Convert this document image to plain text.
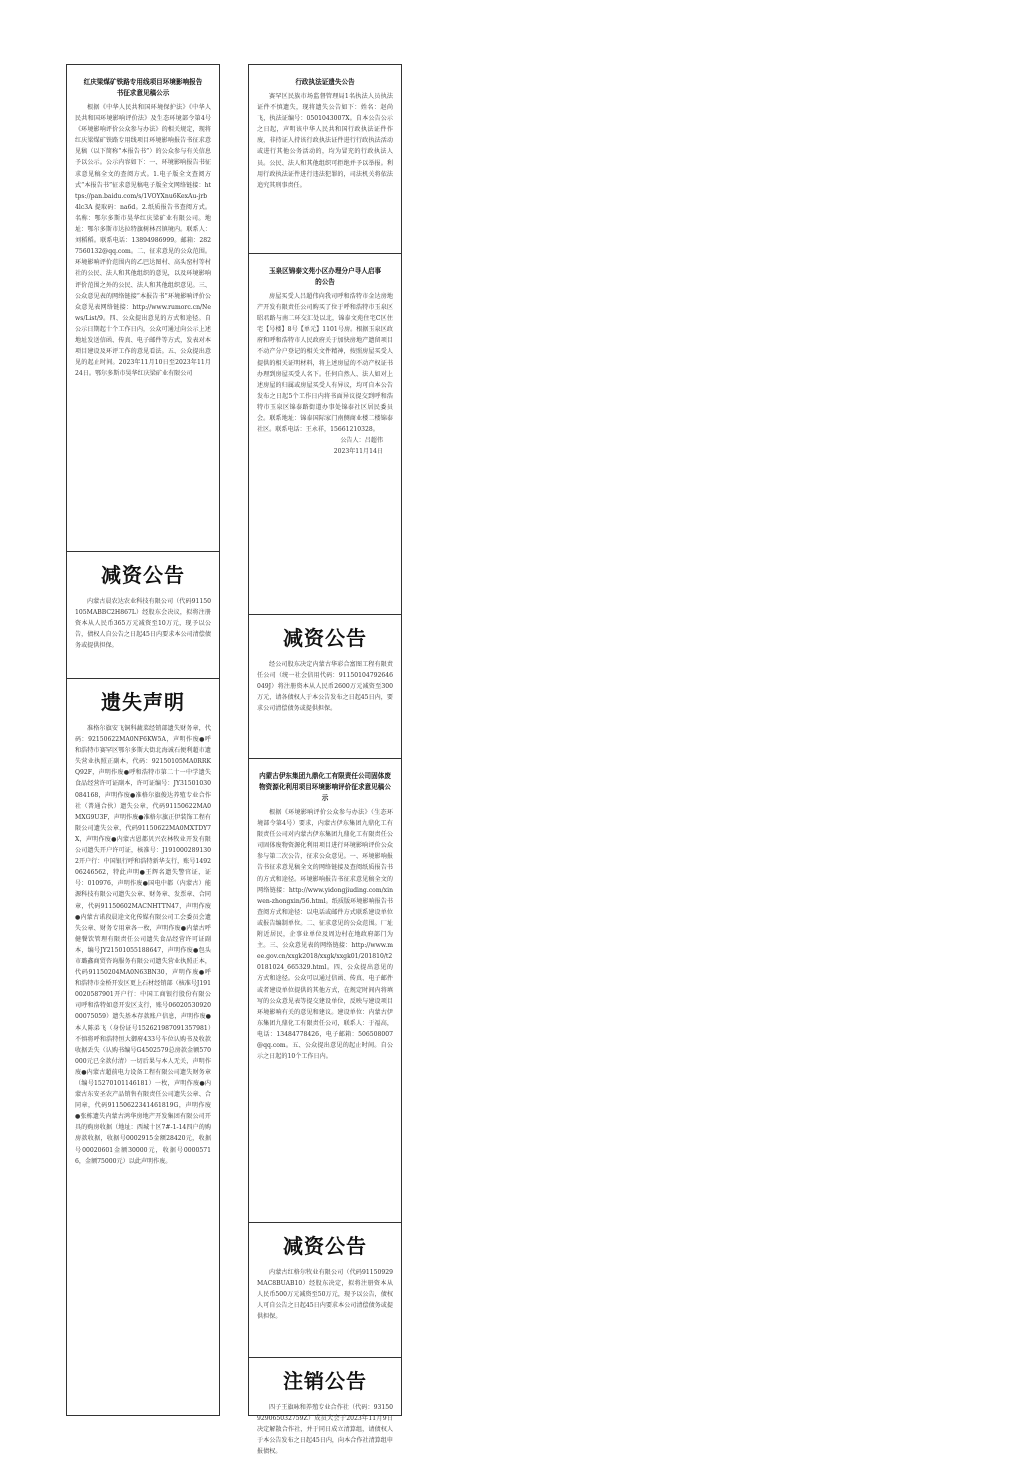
红庆梁煤矿铁路专用线项目环境影响报告书征求意见稿公示

根据《中华人民共和国环境保护法》《中华人民共和国环境影响评价法》及生态环境部令第4号《环境影响评价公众参与办法》的相关规定，现将红庆梁煤矿铁路专用线项目环境影响报告书征求意见稿（以下简称“本报告书”）的公众参与有关信息予以公示。公示内容如下：一、环境影响报告书征求意见稿全文的查阅方式。1.电子版全文查阅方式“本报告书”征求意见稿电子版全文网络链接：https://pan.baidu.com/s/1VOYXnu6KexAu-jrb4lc3A 提取码：na6d。2.纸质报告书查阅方式。名称：鄂尔多斯市昊华红庆梁矿业有限公司。地址：鄂尔多斯市达拉特旗树林召镇境内。联系人：刘稻稻。联系电话：13894986999。邮箱：2827560132@qq.com。二、征求意见的公众范围。环境影响评价范围内的乙巴达图村、高头窑村等村社的公民、法人和其他组织的意见，以及环境影响评价范围之外的公民、法人和其他组织意见。三、公众意见表的网络链接“本报告书”环境影响评价公众意见表网络链接：http://www.rumorc.cn/News/List/9。四、公众提出意见的方式和途径。自公示日期起十个工作日内，公众可通过向公示上述地址发送信函、传真、电子邮件等方式，发表对本项目建设及环评工作的意见看法。五、公众提出意见的起止时间。2023年11月10日至2023年11月24日。鄂尔多斯市昊华红庆梁矿业有限公司

减资公告

内蒙古晨农达农业科技有限公司（代码91150105MABBC2H867L）经股东会决议，拟将注册资本从人民币365万元减资至10万元，现予以公告，债权人自公告之日起45日内要求本公司清偿债务或提供担保。

遗失声明

准格尔旗安飞铜科蔬菜经销部遗失财务章，代码：92150622MA0NF6KW5A，声明作废●呼和浩特市赛罕区鄂尔多斯大街北海诚石便利超市遗失营业执照正副本，代码：92150105MA0RRKQ92F，声明作废●呼和浩特市第二十一中学遗失食品经营许可证副本，许可证编号：JY31501030084168，声明作废●准格尔旗俊达养殖专业合作社（普通合伙）遗失公章，代码91150622MA0MXG9U3F，声明作废●准格尔旗正伊装饰工程有限公司遗失公章，代码91150622MA0MXTDY7X，声明作废●内蒙古恩都贝兴农林牧业开发有限公司遗失开户许可证，核准号：J1910002891302开户行：中国银行呼和浩特新华支行，账号149206246562，特此声明●王辉名遗失警官证，证号：010976，声明作废●国电中都（内蒙古）能源科技有限公司遗失公章、财务章、发票章、合同章，代码91150602MACNHTTN47，声明作废●内蒙古诺段晨途文化传媒有限公司工会委员会遗失公章、财务专用章各一枚，声明作废●内蒙古呼健餐饮管理有限责任公司遗失食品经营许可证副本，编号JY21501055188647，声明作废●包头市璐鑫商贸咨询服务有限公司遗失营业执照正本，代码91150204MA0N63BN30，声明作废●呼和浩特市金桥开发区更上石材经销部（核准号J1910020587901开户行：中国工商银行股份有限公司呼和浩特如意开发区支行，账号0602053092000075059）遗失基本存款账户信息，声明作废●本人陈弟飞（身份证号152621987091357981）不慎将呼和浩特恒大御府433号车位认购书及收款收据丢失（认购书编号G4502579总房款金额570000元已全款付清）一切后果与本人无关，声明作废●内蒙古超前电力设备工程有限公司遗失财务章（编号15270101146181）一枚，声明作废●内蒙古东安圣农产品销售有限责任公司遗失公章、合同章，代码91150622341461819G，声明作废●张栋遗失内蒙古鸿华房地产开发集团有限公司开具的购房收据（地址：西城十区7#-1-14四户的购房款收据，收据号0002915金额28420元，收据号00020601金额30000元，收据号00005716，金额75000元）以此声明作废。

行政执法证遗失公告

赛罕区民族市场监督管理局1名执法人员执法证件不慎遗失，现将遗失公告如下：姓名：赵尚飞，执法证编号：0501043007X。自本公告公示之日起，声明该中华人民共和国行政执法证件作废，非持证人持该行政执法证件进行行政执法活动或进行其他公务活动的，均为冒充的行政执法人员。公民、法人和其他组织可拒绝并予以举报。利用行政执法证件进行违法犯罪的，司法机关将依法追究其刑事责任。

玉泉区锦泰文苑小区办理分户寻人启事的公告

房屋买受人吕超伟向我司呼和浩特市金达房地产开发有限责任公司购买了位于呼和浩特市玉泉区昭君路与南二环交汇处以北，锦泰文苑住宅C区住宅【号楼】8号【单元】1101号房。根据玉泉区政府和呼和浩特市人民政府关于加快房地产遗留项目不动产分户登记的相关文件精神，按照房屋买受人提供的相关证明材料，将上述房屋的不动产权证书办理到房屋买受人名下。任何自然人、法人如对上述房屋的归属或房屋买受人有异议，均可自本公告发布之日起5个工作日内将书面异议提交到呼和浩特市玉泉区锦泰路街道办事处锦泰社区居民委员会。联系地址：锦泰国际家门南侧商业楼二楼锦泰社区。联系电话：王永祥，15661210328。

公告人：吕超伟

2023年11月14日

减资公告

经公司股东决定内蒙古华彩合富图工程有限责任公司（统一社会信用代码：91150104792646049J）将注册资本从人民币2600万元减资至300万元，请各债权人于本公告发布之日起45日内，要求公司清偿债务或提供担保。

内蒙古伊东集团九鼎化工有限责任公司固体废物资源化利用项目环境影响评价征求意见稿公示

根据《环境影响评价公众参与办法》（生态环境部令第4号）要求，内蒙古伊东集团九鼎化工有限责任公司对内蒙古伊东集团九鼎化工有限责任公司固体废物资源化利用项目进行环境影响评价公众参与第二次公告，征求公众意见。一、环境影响报告书征求意见稿全文的网络链接及查阅纸质报告书的方式和途径。环境影响报告书征求意见稿全文的网络链接：http://www.yidongjiuding.com/xinwen-zhongxin/56.html。纸质版环境影响报告书查阅方式和途径：以电话或邮件方式联系建设单位或报告编制单位。二、征求意见的公众范围。厂址附近居民，企事业单位及周边村在地政府部门为主。三、公众意见表的网络链接：http://www.mee.gov.cn/xxgk2018/xxgk/xxgk01/201810/t20181024_665329.html。四、公众提出意见的方式和途径。公众可以通过信函、传真、电子邮件或者建设单位提供的其他方式，在规定时间内将填写的公众意见表等提交建设单位，反映与建设项目环境影响有关的意见和建议。建设单位：内蒙古伊东集团九鼎化工有限责任公司，联系人：于福高，电话：13484778426，电子邮箱：506508007@qq.com。五、公众提出意见的起止时间。自公示之日起的10个工作日内。

减资公告

内蒙古红格尔牧业有限公司（代码91150929MAC8BUAB10）经股东决定，拟将注册资本从人民币500万元减资至50万元，现予以公告，债权人可自公告之日起45日内要求本公司清偿债务或提供担保。

注销公告

四子王旗咏和养殖专业合作社（代码：93150929065032759Z）成员大会于2023年11月9日决定解散合作社，并于同日成立清算组，请债权人于本公告发布之日起45日内，向本合作社清算组申报债权。
